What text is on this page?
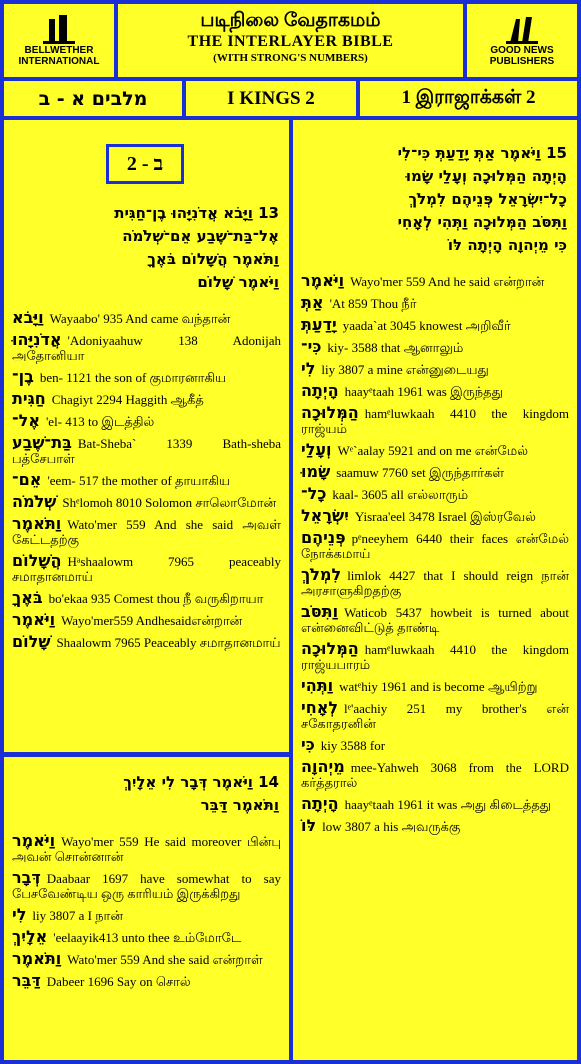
BELLWETHER INTERNATIONAL
படிநிலை வேதாகமம்
THE INTERLAYER BIBLE
(WITH STRONG'S NUMBERS)
GOOD NEWS PUBLISHERS
מלבים א - ב	I KINGS 2	1 இராஜாக்கள் 2
ב - 2
13 וַיָּבֹא אֲדֹנִיָּהוּ בֶן־חַגִּית
אֶל־בַּת־שֶׁבַע אֵם־שְׁלֹמֹה
וַתֹּאמֶר הֲשָׁלוֹם בֹּאֶךָ
וַיֹּאמֶר שָׁלוֹם
וַיָּבֹא Wayaabo' 935 And came வந்தான்
אֲדֹנִיָּהוּ 'Adoniyaahuw 138 Adonijah அதோனியா
בֶן־ ben- 1121 the son of குமாரனாகிய
חַגִּית Chagiyt 2294 Haggith ஆகீத்
אֶל־ 'el- 413 to இடத்தில்
בַּת־שֶׁבַע Bat-Sheba` 1339 Bath-sheba பத்சேபாள்
אֵם־ 'eem- 517 the mother of தாயாகிய
שְׁלֹמֹה Shᵉlomoh 8010 Solomon சாலொமோன்
וַתֹּאמֶר Wato'mer 559 And she said அவள் கேட்டதற்கு
הֲשָׁלוֹם Hᵃshaalowm 7965 peaceably சமாதானமாய்
בֹּאֶךָ bo'ekaa 935 Comest thou நீ வருகிறாயா
וַיֹּאמֶר Wayo'mer559 Andhesaidஎன்றான்
שָׁלוֹם Shaalowm 7965 Peaceably சமாதானமாய்
14 וַיֹּאמֶר דְּבָר לִי אֵלָיִךְ
וַתֹּאמֶר דַּבֵּר
וַיֹּאמֶר Wayo'mer 559 He said moreover பின்பு அவன் சொன்னான்
דְּבָר Daabaar 1697 have somewhat to say பேசவேண்டிய ஒரு காரியம் இருக்கிறது
לִי liy 3807 a I நான்
אֵלָיִךְ 'eelaayik413 unto thee உம்மோடே
וַתֹּאמֶר Wato'mer 559 And she said என்றாள்
דַּבֵּר Dabeer 1696 Say on சொல்
15 וַיֹּאמֶר אַתְּ יָדַעַתְּ כִּי־לִי
הָיְתָה הַמְּלוּכָה וְעָלַי שָׂמוּ
כָל־יִשְׂרָאֵל פְּנֵיהֶם לִמְלֹךְ
וַתִּסֹּב הַמְּלוּכָה וַתְּהִי לְאָחִי
כִּי מֵיְהוָה הָיְתָה לּוֹ
וַיֹּאמֶר Wayo'mer 559 And he said என்றான்
אַתְּ 'At 859 Thou நீர்
יָדַעַתְּ yaada`at 3045 knowest அறிவீர்
כִּי־ kiy- 3588 that ஆனாலும்
לִי liy 3807 a mine என்னுடையது
הָיְתָה haayᵉtaah 1961 was இருந்தது
הַמְּלוּכָה hamᵉluwkaah 4410 the kingdom ராஜ்யம்
וְעָלַי Wᵉ`aalay 5921 and on me என்மேல்
שָׂמוּ saamuw 7760 set இருந்தார்கள்
כָל־ kaal- 3605 all எல்லாரும்
יִשְׂרָאֵל Yisraa'eel 3478 Israel இஸ்ரவேல்
פְּנֵיהֶם pᵉneeyhem 6440 their faces என்மேல் நோக்கமாய்
לִמְלֹךְ limlok 4427 that I should reign நான் அரசாளுகிறதற்கு
וַתִּסֹּב Waticob 5437 howbeit is turned about என்னைவிட்டுத் தாண்டி
הַמְּלוּכָה hamᵉluwkaah 4410 the kingdom ராஜ்யபாரம்
וַתְּהִי watᵉhiy 1961 and is become ஆயிற்று
לְאָחִי lᵉ'aachiy 251 my brother's என் சகோதரனின்
כִּי kiy 3588 for
מֵיְהוָה mee-Yahweh 3068 from the LORD கர்த்தரால்
הָיְתָה haayᵉtaah 1961 it was அது கிடைத்தது
לּוֹ low 3807 a his அவருக்கு
